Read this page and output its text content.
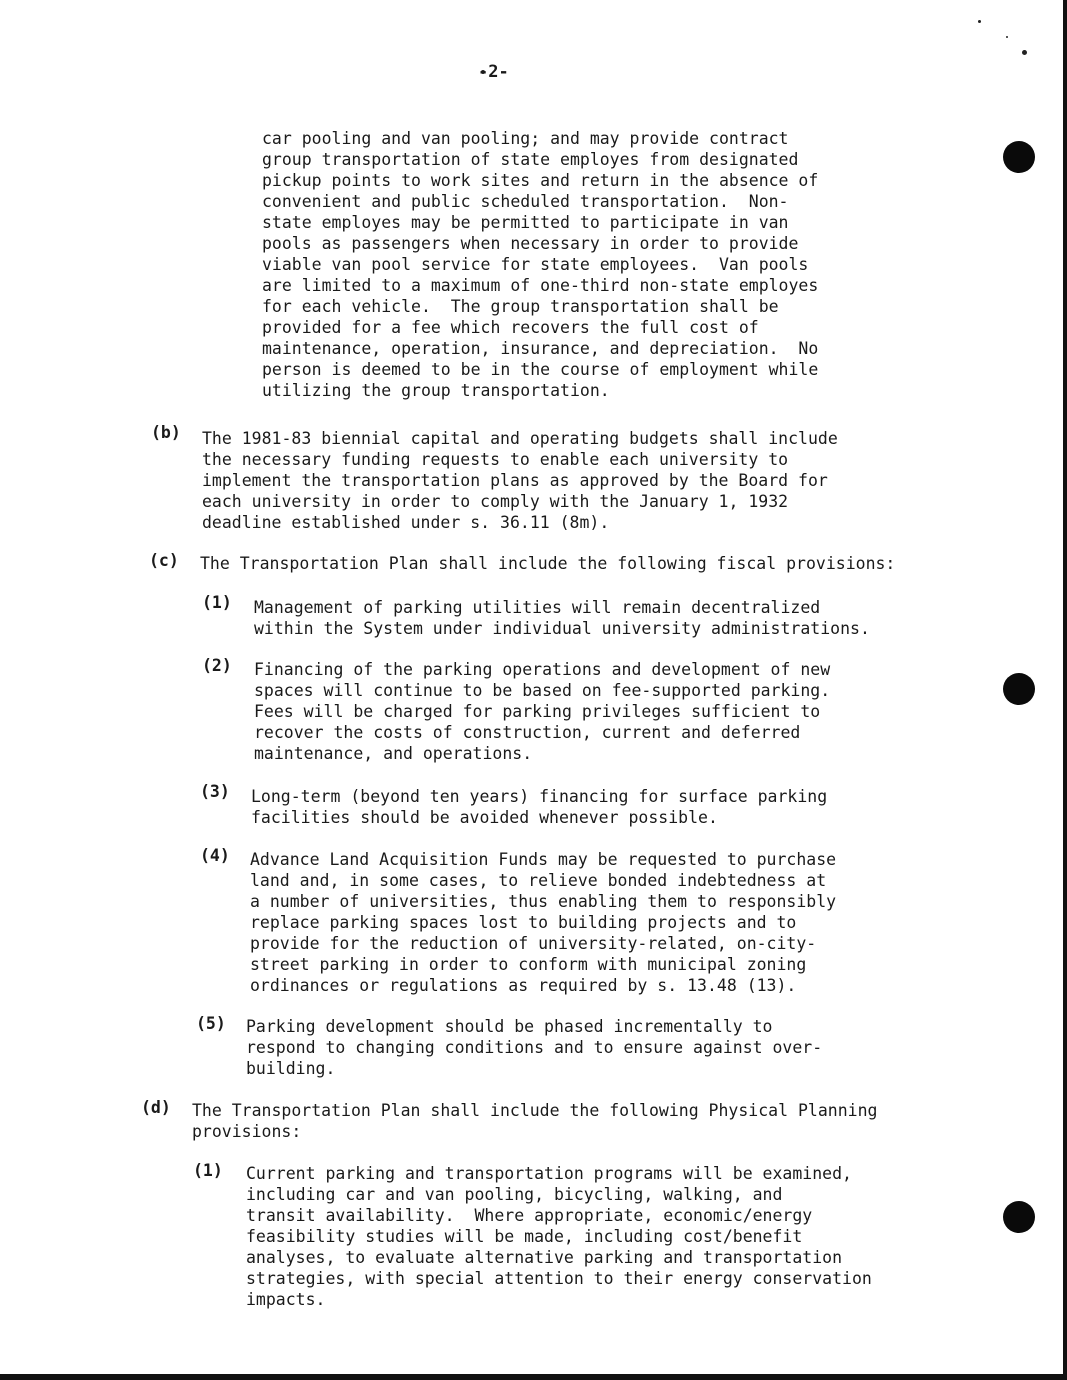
-2-
car pooling and van pooling; and may provide contract
group transportation of state employes from designated
pickup points to work sites and return in the absence of
convenient and public scheduled transportation.  Non-
state employes may be permitted to participate in van
pools as passengers when necessary in order to provide
viable van pool service for state employees.  Van pools
are limited to a maximum of one-third non-state employes
for each vehicle.  The group transportation shall be
provided for a fee which recovers the full cost of
maintenance, operation, insurance, and depreciation.  No
person is deemed to be in the course of employment while
utilizing the group transportation.
(b) The 1981-83 biennial capital and operating budgets shall include
the necessary funding requests to enable each university to
implement the transportation plans as approved by the Board for
each university in order to comply with the January 1, 1932
deadline established under s. 36.11 (8m).
(c) The Transportation Plan shall include the following fiscal provisions:
(1) Management of parking utilities will remain decentralized
within the System under individual university administrations.
(2) Financing of the parking operations and development of new
spaces will continue to be based on fee-supported parking.
Fees will be charged for parking privileges sufficient to
recover the costs of construction, current and deferred
maintenance, and operations.
(3) Long-term (beyond ten years) financing for surface parking
facilities should be avoided whenever possible.
(4) Advance Land Acquisition Funds may be requested to purchase
land and, in some cases, to relieve bonded indebtedness at
a number of universities, thus enabling them to responsibly
replace parking spaces lost to building projects and to
provide for the reduction of university-related, on-city-
street parking in order to conform with municipal zoning
ordinances or regulations as required by s. 13.48 (13).
(5) Parking development should be phased incrementally to
respond to changing conditions and to ensure against over-
building.
(d) The Transportation Plan shall include the following Physical Planning
provisions:
(1) Current parking and transportation programs will be examined,
including car and van pooling, bicycling, walking, and
transit availability.  Where appropriate, economic/energy
feasibility studies will be made, including cost/benefit
analyses, to evaluate alternative parking and transportation
strategies, with special attention to their energy conservation
impacts.
